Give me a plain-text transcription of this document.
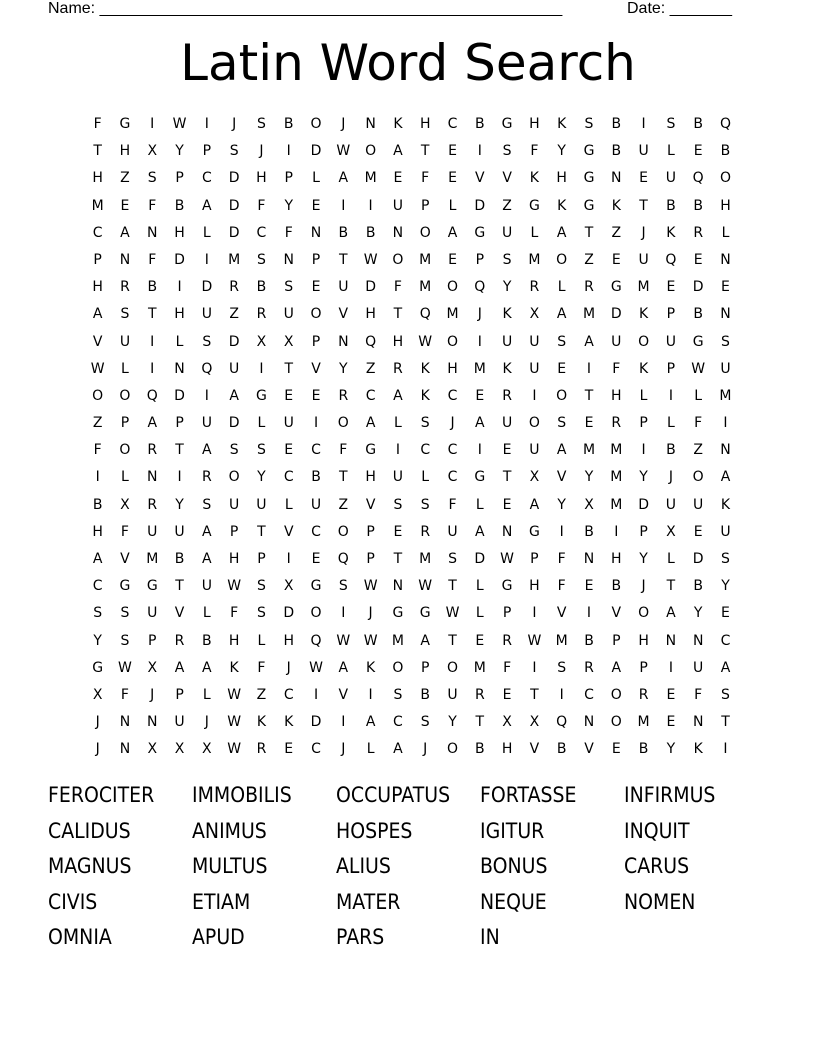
Name: ____________________________________________________	Date: _______
Latin Word Search
F	G	I	W	I	J	S	B	O	J	N	K	H	C	B	G	H	K	S	B	I	S	B	Q
T	H	X	Y	P	S	J	I	D	W	O	A	T	E	I	S	F	Y	G	B	U	L	E	B
H	Z	S	P	C	D	H	P	L	A	M	E	F	E	V	V	K	H	G	N	E	U	Q	O
M	E	F	B	A	D	F	Y	E	I	I	U	P	L	D	Z	G	K	G	K	T	B	B	H
C	A	N	H	L	D	C	F	N	B	B	N	O	A	G	U	L	A	T	Z	J	K	R	L
P	N	F	D	I	M	S	N	P	T	W	O	M	E	P	S	M	O	Z	E	U	Q	E	N
H	R	B	I	D	R	B	S	E	U	D	F	M	O	Q	Y	R	L	R	G	M	E	D	E
A	S	T	H	U	Z	R	U	O	V	H	T	Q	M	J	K	X	A	M	D	K	P	B	N
V	U	I	L	S	D	X	X	P	N	Q	H	W	O	I	U	U	S	A	U	O	U	G	S
W	L	I	N	Q	U	I	T	V	Y	Z	R	K	H	M	K	U	E	I	F	K	P	W	U
O	O	Q	D	I	A	G	E	E	R	C	A	K	C	E	R	I	O	T	H	L	I	L	M
Z	P	A	P	U	D	L	U	I	O	A	L	S	J	A	U	O	S	E	R	P	L	F	I
F	O	R	T	A	S	S	E	C	F	G	I	C	C	I	E	U	A	M	M	I	B	Z	N
I	L	N	I	R	O	Y	C	B	T	H	U	L	C	G	T	X	V	Y	M	Y	J	O	A
B	X	R	Y	S	U	U	L	U	Z	V	S	S	F	L	E	A	Y	X	M	D	U	U	K
H	F	U	U	A	P	T	V	C	O	P	E	R	U	A	N	G	I	B	I	P	X	E	U
A	V	M	B	A	H	P	I	E	Q	P	T	M	S	D	W	P	F	N	H	Y	L	D	S
C	G	G	T	U	W	S	X	G	S	W	N	W	T	L	G	H	F	E	B	J	T	B	Y
S	S	U	V	L	F	S	D	O	I	J	G	G	W	L	P	I	V	I	V	O	A	Y	E
Y	S	P	R	B	H	L	H	Q	W W	M	A	T	E	R	W	M	B	P	H	N	N	C
G	W	X	A	A	K	F	J	W	A	K	O	P	O	M	F	I	S	R	A	P	I	U	A
X	F	J	P	L	W	Z	C	I	V	I	S	B	U	R	E	T	I	C	O	R	E	F	S
J	N	N	U	J	W	K	K	D	I	A	C	S	Y	T	X	X	Q	N	O	M	E	N	T
J	N	X	X	X	W	R	E	C	J	L	A	J	O	B	H	V	B	V	E	B	Y	K	I
FEROCITER	IMMOBILIS	OCCUPATUS	FORTASSE	INFIRMUS
CALIDUS	ANIMUS	HOSPES	IGITUR	INQUIT
MAGNUS	MULTUS	ALIUS	BONUS	CARUS
CIVIS	ETIAM	MATER	NEQUE	NOMEN
OMNIA	APUD	PARS	IN
